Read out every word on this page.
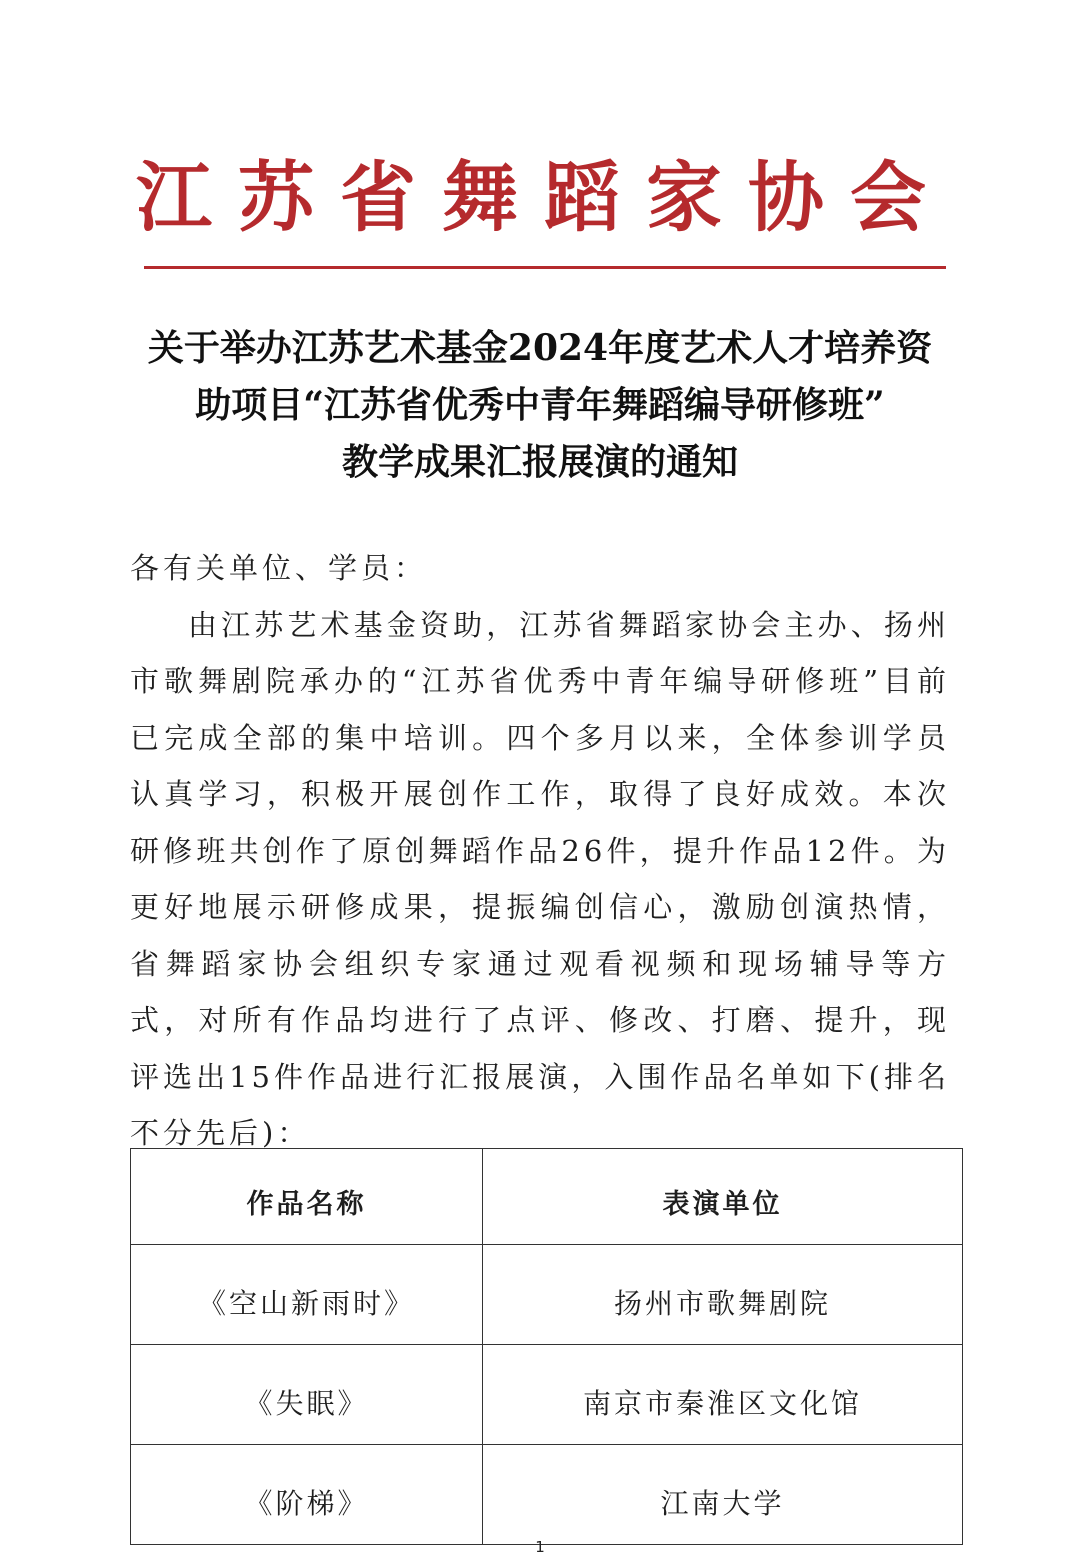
江苏省舞蹈家协会
关于举办江苏艺术基金2024年度艺术人才培养资
助项目“江苏省优秀中青年舞蹈编导研修班”
教学成果汇报展演的通知
各有关单位、学员：
由江苏艺术基金资助，江苏省舞蹈家协会主办、扬州市歌舞剧院承办的“江苏省优秀中青年编导研修班”目前已完成全部的集中培训。四个多月以来，全体参训学员认真学习，积极开展创作工作，取得了良好成效。本次研修班共创作了原创舞蹈作品26件，提升作品12件。为更好地展示研修成果，提振编创信心，激励创演热情，省舞蹈家协会组织专家通过观看视频和现场辅导等方式，对所有作品均进行了点评、修改、打磨、提升，现评选出15件作品进行汇报展演，入围作品名单如下(排名不分先后)：
作品名称	表演单位
《空山新雨时》	扬州市歌舞剧院
《失眠》	南京市秦淮区文化馆
《阶梯》	江南大学
1
